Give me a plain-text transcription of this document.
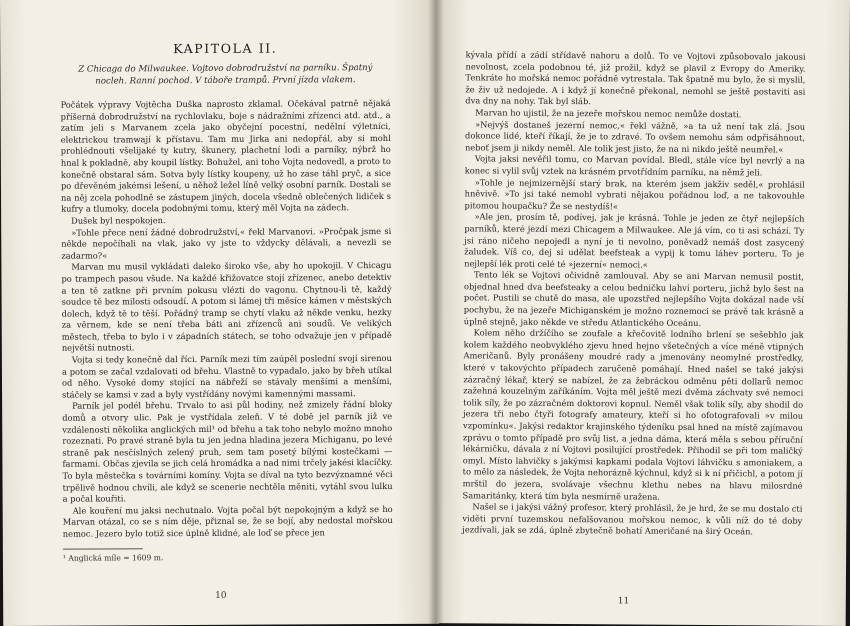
KAPITOLA II.
Z Chicaga do Milwaukee. Vojtovo dobrodružství na parníku. Špatný nocleh. Ranní pochod. V táboře trampů. První jízda vlakem.

Počátek výpravy Vojtěcha Duška naprosto zklamal. Očekával patrně nějaká příšerná dobrodružství na rychlovlaku, boje s nádražními zřízenci atd. atd., a zatím jeli s Marvanem zcela jako obyčejní pocestní, nedělní výletníci, elektrickou tramwají k přístavu. Tam mu Jirka ani nedopřál, aby si mohl prohlédnouti všelijaké ty kutry, škunery, plachetní lodi a parníky, nýbrž ho hnal k pokladně, aby koupil lístky. Bohužel, ani toho Vojta nedovedl, a proto to konečně obstaral sám. Sotva byly lístky koupeny, už ho zase táhl pryč, a sice po dřevěném jakémsi lešení, u něhož ležel líně velký osobní parník. Dostali se na něj zcela pohodlně se zástupem jiných, docela všedně oblečených lidiček s kufry a tlumoky, docela podobnými tomu, který měl Vojta na zádech.

Dušek byl nespokojen.

»Tohle přece není žádné dobrodružství,« řekl Marvanovi. »Pročpak jsme si někde nepočíhali na vlak, jako vy jste to vždycky dělávali, a nevezli se zadarmo?«

Marvan mu musil vykládati daleko široko vše, aby ho upokojil. V Chicagu po trampech pasou všude. Na každé křižovatce stojí zřízenec, anebo detektiv a ten tě zatkne při prvním pokusu vlézti do vagonu. Chytnou-li tě, každý soudce tě bez milosti odsoudí. A potom si lámej tři měsíce kámen v městských dolech, když tě to těší. Pořádný tramp se chytí vlaku až někde venku, hezky za věrnem, kde se není třeba báti ani zřízenců ani soudů. Ve velikých městech, třeba to bylo i v západních státech, se toho odvažuje jen v případě největší nutnosti.

Vojta si tedy konečně dal říci. Parník mezi tím zaúpěl poslední svojí sirenou a potom se začal vzdalovati od břehu. Vlastně to vypadalo, jako by břeh utíkal od něho. Vysoké domy stojící na nábřeží se stávaly menšími a menšími, stáčely se kamsi v zad a byly vystřídány novými kamennými massami.

Parník jel podél břehu. Trvalo to asi půl hodiny, než zmizely řádní bloky domů a otvory ulic. Pak je vystřídala zeleň. V té době jel parník již ve vzdálenosti několika anglických mil¹ od břehu a tak toho nebylo možno mnoho rozeznati. Po pravé straně byla tu jen jedna hladina jezera Michiganu, po levé straně pak nesčíslných zelený pruh, sem tam posetý bílými kostečkami — farmami. Občas zjevila se jich celá hromádka a nad nimi trčely jakési klacíčky. To byla městečka s továrními komíny. Vojta se díval na tyto bezvýznamné věci trpělivě hodnou chvíli, ale když se scenerie nechtěla měniti, vytáhl svou lulku a počal kouřiti.

Ale kouření mu jaksi nechutnalo. Vojta počal být nepokojným a když se ho Marvan otázal, co se s ním děje, přiznal se, že se bojí, aby nedostal mořskou nemoc. Jezero bylo totiž sice úplně klidné, ale loď se přece jen

¹ Anglická míle = 1609 m.
10

kývala přídí a zádí střídavě nahoru a dolů. To ve Vojtovi způsobovalo jakousi nevolnost, zcela podobnou té, již prožil, když se plavil z Evropy do Ameriky. Tenkráte ho mořská nemoc pořádně vytrestala. Tak špatně mu bylo, že si myslil, že živ už nedojede. A i když jí konečně překonal, nemohl se ještě postaviti asi dva dny na nohy. Tak byl sláb.

Marvan ho ujistil, že na jezeře mořskou nemoc nemůže dostati.

»Nejvýš dostaneš jezerní nemoc,« řekl vážně, »a ta už není tak zlá. Jsou dokonce lidé, kteří říkají, že je to zdravé. To ovšem nemohu sám odpřisáhnout, neboť jsem ji nikdy neměl. Ale tolik jest jisto, že na ni nikdo ještě neumřel.«

Vojta jaksi nevěřil tomu, co Marvan povídal. Bledl, stále více byl nevrlý a na konec si vylil svůj vztek na krásném prvotřídním parníku, na němž jeli.

»Tohle je nejmizernější starý brak, na kterém jsem jakživ seděl,« prohlásil hněvivě. »To jsi také nemohl vybrati nějakou pořádnou loď, a ne takovouhle pitomou houpačku? Že se nestydíš!«

»Ale jen, prosím tě, podívej, jak je krásná. Tohle je jeden ze čtyř nejlepších parníků, které jezdí mezi Chicagem a Milwaukee. Ale já vím, co ti asi schází. Ty jsi ráno ničeho nepojedl a nyní je ti nevolno, poněvadž nemáš dost zasycený žaludek. Víš co, dej si udělat beefsteak a vypij k tomu láhev porteru. To je nejlepší lék proti celé té »jezerní« nemoci.«

Tento lék se Vojtovi očividně zamlouval. Aby se ani Marvan nemusil postit, objednal hned dva beefsteaky a celou bedničku lahví porteru, jichž bylo šest na počet. Pustili se chutě do masa, ale upozstřed nejlepšího Vojta dokázal nade vší pochybu, že na jezeře Michiganském je možno roznemoci se právě tak krásně a úplně stejně, jako někde ve středu Atlantického Oceánu.

Kolem něho držíčího se zoufale a křečovitě lodního brlení se sešebhlo jak kolem každého neobvyklého zjevu hned hejno všetečných a více méně vtipných Američanů. Byly pronášeny moudré rady a jmenovány neomylné prostředky, které v takovýchto případech zaručeně pomáhají. Hned našel se také jakýsi zázračný lékař, který se nabízel, že za žebráckou odměnu pěti dollarů nemoc zažehná kouzelným zaříkáním. Vojta měl ještě mezi dvěma záchvaty své nemoci tolik síly, že po zázračném doktorovi kopnul. Neměl však tolik síly, aby shodil do jezera tři nebo čtyři fotografy amateury, kteří si ho ofotografovali »v milou vzpomínku«. Jakýsi redaktor krajinského týdeníku psal hned na místě zajímavou zprávu o tomto případě pro svůj list, a jedna dáma, která měla s sebou příruční lékárničku, dávala z ní Vojtovi posilující prostředek. Přihodil se při tom maličký omyl. Místo lahvičky s jakýmsi kapkami podala Vojtovi láhvičku s amoniakem, a to mělo za následek, že Vojta nehorázně kýchnul, když si k ní přičichl, a potom jí mrštil do jezera, svolávaje všechnu klethu nebes na hlavu milosrdné Samaritánky, která tím byla nesmírně uražena.

Našel se i jakýsi vážný profesor, který prohlásil, že je hrd, že se mu dostalo cti viděti první tuzemskou nefalšovanou mořskou nemoc, k vůli níž do té doby jezdívali, jak se zdá, úplně zbytečně bohatí Američané na širý Oceán.

11
